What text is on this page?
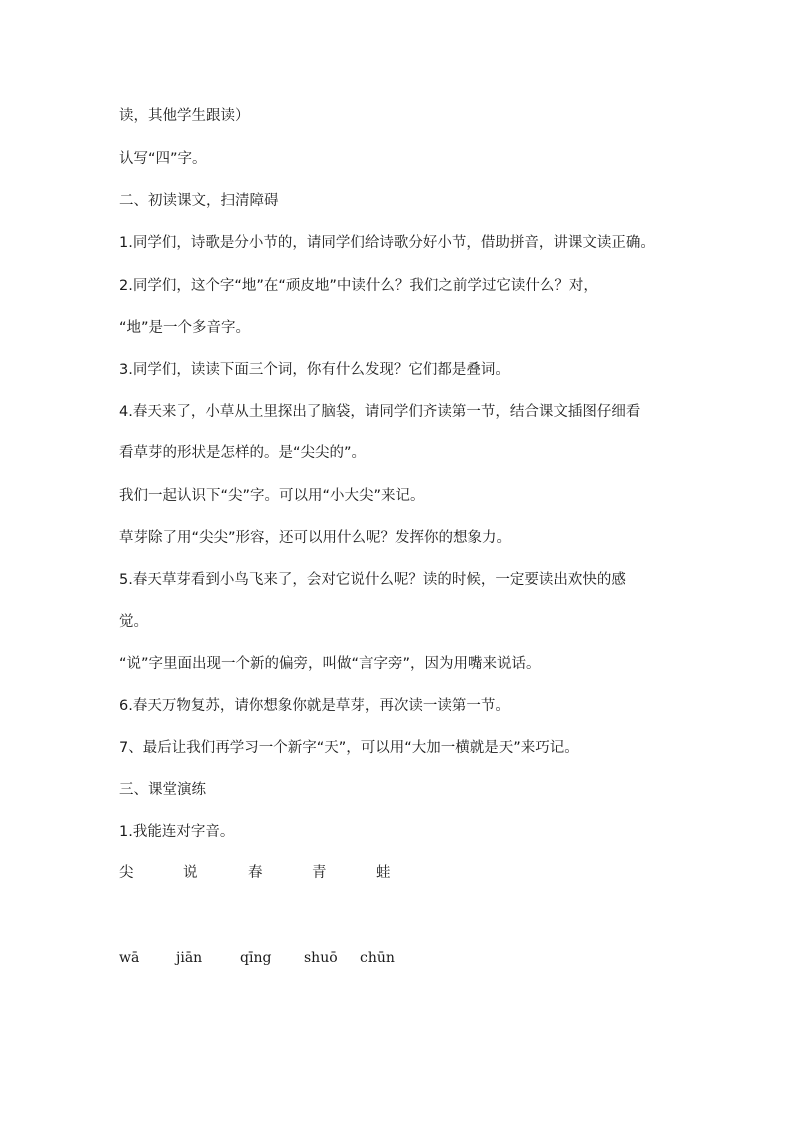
读，其他学生跟读）
认写“四”字。
二、初读课文，扫清障碍
1.同学们，诗歌是分小节的，请同学们给诗歌分好小节，借助拼音，讲课文读正确。
2.同学们，这个字“地”在“顽皮地”中读什么？我们之前学过它读什么？对，
“地”是一个多音字。
3.同学们，读读下面三个词，你有什么发现？它们都是叠词。
4.春天来了，小草从土里探出了脑袋，请同学们齐读第一节，结合课文插图仔细看
看草芽的形状是怎样的。是“尖尖的”。
我们一起认识下“尖”字。可以用“小大尖”来记。
草芽除了用“尖尖”形容，还可以用什么呢？发挥你的想象力。
5.春天草芽看到小鸟飞来了，会对它说什么呢？读的时候，一定要读出欢快的感
觉。
“说”字里面出现一个新的偏旁，叫做“言字旁”，因为用嘴来说话。
6.春天万物复苏，请你想象你就是草芽，再次读一读第一节。
7、最后让我们再学习一个新字“天”，可以用“大加一横就是天”来巧记。
三、课堂演练
1.我能连对字音。
尖	说	春	青	蛙
wā	jiān	qīng shuō chūn
